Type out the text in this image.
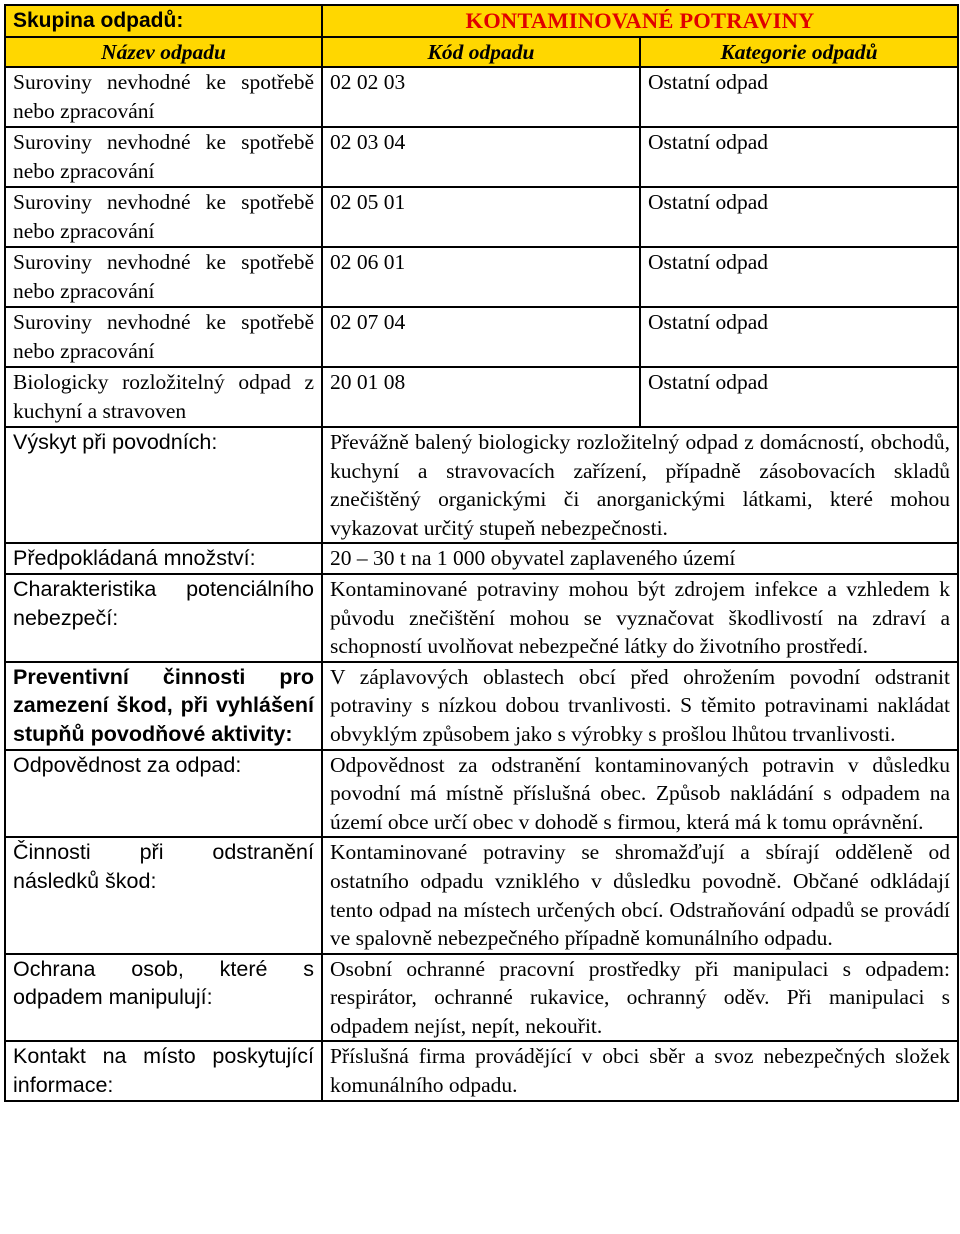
Skupina odpadů:	KONTAMINOVANÉ POTRAVINY	
Název odpadu	Kód odpadu	Kategorie odpadů
Suroviny nevhodné ke spotřebě nebo zpracování	02 02 03	Ostatní odpad
Suroviny nevhodné ke spotřebě nebo zpracování	02 03 04	Ostatní odpad
Suroviny nevhodné ke spotřebě nebo zpracování	02 05 01	Ostatní odpad
Suroviny nevhodné ke spotřebě nebo zpracování	02 06 01	Ostatní odpad
Suroviny nevhodné ke spotřebě nebo zpracování	02 07 04	Ostatní odpad
Biologicky rozložitelný odpad z kuchyní a stravoven	20 01 08	Ostatní odpad
Výskyt při povodních:	Převážně balený biologicky rozložitelný odpad z domácností, obchodů, kuchyní a stravovacích zařízení, případně zásobovacích skladů znečištěný organickými či anorganickými látkami, které mohou vykazovat určitý stupeň nebezpečnosti.	
Předpokládaná množství:	20 – 30 t na 1 000 obyvatel zaplaveného území	
Charakteristika potenciálního nebezpečí:	Kontaminované potraviny mohou být zdrojem infekce a vzhledem k původu znečištění mohou se vyznačovat škodlivostí na zdraví a schopností uvolňovat nebezpečné látky do životního prostředí.	
Preventivní činnosti pro zamezení škod, při vyhlášení stupňů povodňové aktivity:	V záplavových oblastech obcí před ohrožením povodní odstranit potraviny s nízkou dobou trvanlivosti. S těmito potravinami nakládat obvyklým způsobem jako s výrobky s prošlou lhůtou trvanlivosti.	
Odpovědnost za odpad:	Odpovědnost za odstranění kontaminovaných potravin v důsledku povodní má místně příslušná obec. Způsob nakládání s odpadem na území obce určí obec v dohodě s firmou, která má k tomu oprávnění.	
Činnosti při odstranění následků škod:	Kontaminované potraviny se shromažďují a sbírají odděleně od ostatního odpadu vzniklého v důsledku povodně. Občané odkládají tento odpad na místech určených obcí. Odstraňování odpadů se provádí ve spalovně nebezpečného případně komunálního odpadu.	
Ochrana osob, které s odpadem manipulují:	Osobní ochranné pracovní prostředky při manipulaci s odpadem: respirátor, ochranné rukavice, ochranný oděv. Při manipulaci s odpadem nejíst, nepít, nekouřit.	
Kontakt na místo poskytující informace:	Příslušná firma provádějící v obci sběr a svoz nebezpečných složek komunálního odpadu.	
